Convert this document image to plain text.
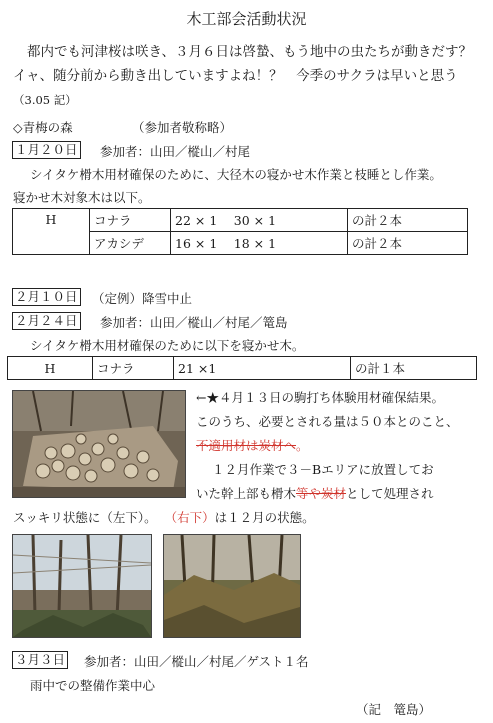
木工部会活動状況
都内でも河津桜は咲き、３月６日は啓蟄、もう地中の虫たちが動きだす？　イャ、随分前から動き出していますよね！？　今季のサクラは早いと思う（3.05 記）
◇青梅の森	（参加者敬称略）
１月２０日 参加者：山田／樅山／村尾
シイタケ榾木用材確保のために、大径木の寝かせ木作業と枝睡とし作業。
寝かせ木対象木は以下。
H	コナラ	22 × 1　 30 × 1	の計２本
	アカシデ	16 × 1　 18 × 1	の計２本
２月１０日 （定例）降雪中止
２月２４日 参加者：山田／樅山／村尾／篭島
シイタケ榾木用材確保のために以下を寝かせ木。
H	コナラ	21 ×1	の計１本
←★４月１３日の駒打ち体験用材確保結果。
このうち、必要とされる量は５０本とのこと、
不適用材は炭材へ。
１２月作業で３－Bエリアに放置してお
いた幹上部も榾木等や炭材として処理され
スッキリ状態に（左下）。 （右下）は１２月の状態。
３月３日 参加者：山田／樅山／村尾／ゲスト１名
雨中での整備作業中心
（記　篭島）
